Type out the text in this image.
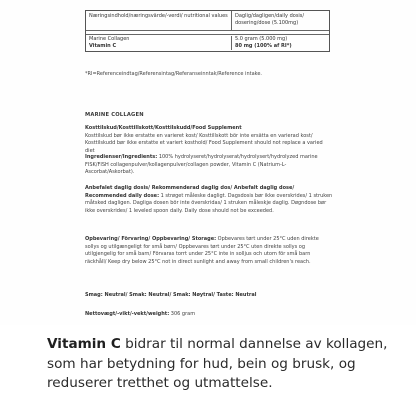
Næringsindhold/næringsvärde/-verdi/ nutritional values	Daglig/dagligen/daily dosis/ dosering/dose (5.100mg)
Marine Collagen	5.0 gram (5.000 mg)
Vitamin C	80 mg (100% af RI*)
*RI=Referenceindtag/Referensintag/Referanseinntak/Reference intake.
MARINE COLLAGEN
Kosttilskud/Kosttillskott/Kosttilskudd/Food Supplement
Kosttilskud bør ikke erstatte en varieret kost/ Kosttillskott bör inte ersätta en varierad kost/ Kosttilskudd bør ikke erstatte et variert kosthold/ Food Supplement should not replace a varied diet
Ingredienser/Ingredients: 100% hydrolyseret/hydrolyserat/hydrolysert/hydrolyzed marine FISK/FISH collagenpulver/kollagenpulver/collagen powder, Vitamin C (Natrium-L-Ascorbat/Askorbat).
Anbefalet daglig dosis/ Rekommenderad daglig dos/ Anbefalt daglig dose/ Recommended daily dose: 1 strøget måleske dagligt. Dagsdosis bør ikke overskrides/ 1 struken måtsked dagligen. Dagliga dosen bör inte överskridas/ 1 struken måleskje daglig. Døgndose bør ikke overskrides/ 1 leveled spoon daily. Daily dose should not be exceeded.
Opbevaring/ Förvaring/ Oppbevaring/ Storage: Opbevares tørt under 25°C uden direkte sollys og utilgængeligt for små børn/ Oppbevares tørt under 25°C uten direkte sollys og utilgjengelig for små barn/ Förvaras torrt under 25°C inte in solljus och utom för små barn räckhåll/ Keep dry below 25°C not in direct sunlight and away from small children's reach.
Smag: Neutral/ Smak: Neutral/ Smak: Nøytral/ Taste: Neutral
Nettovægt/-vikt/-vekt/weight: 306 gram
Vitamin C bidrar til normal dannelse av kollagen, som har betydning for hud, bein og brusk, og reduserer tretthet og utmattelse.
